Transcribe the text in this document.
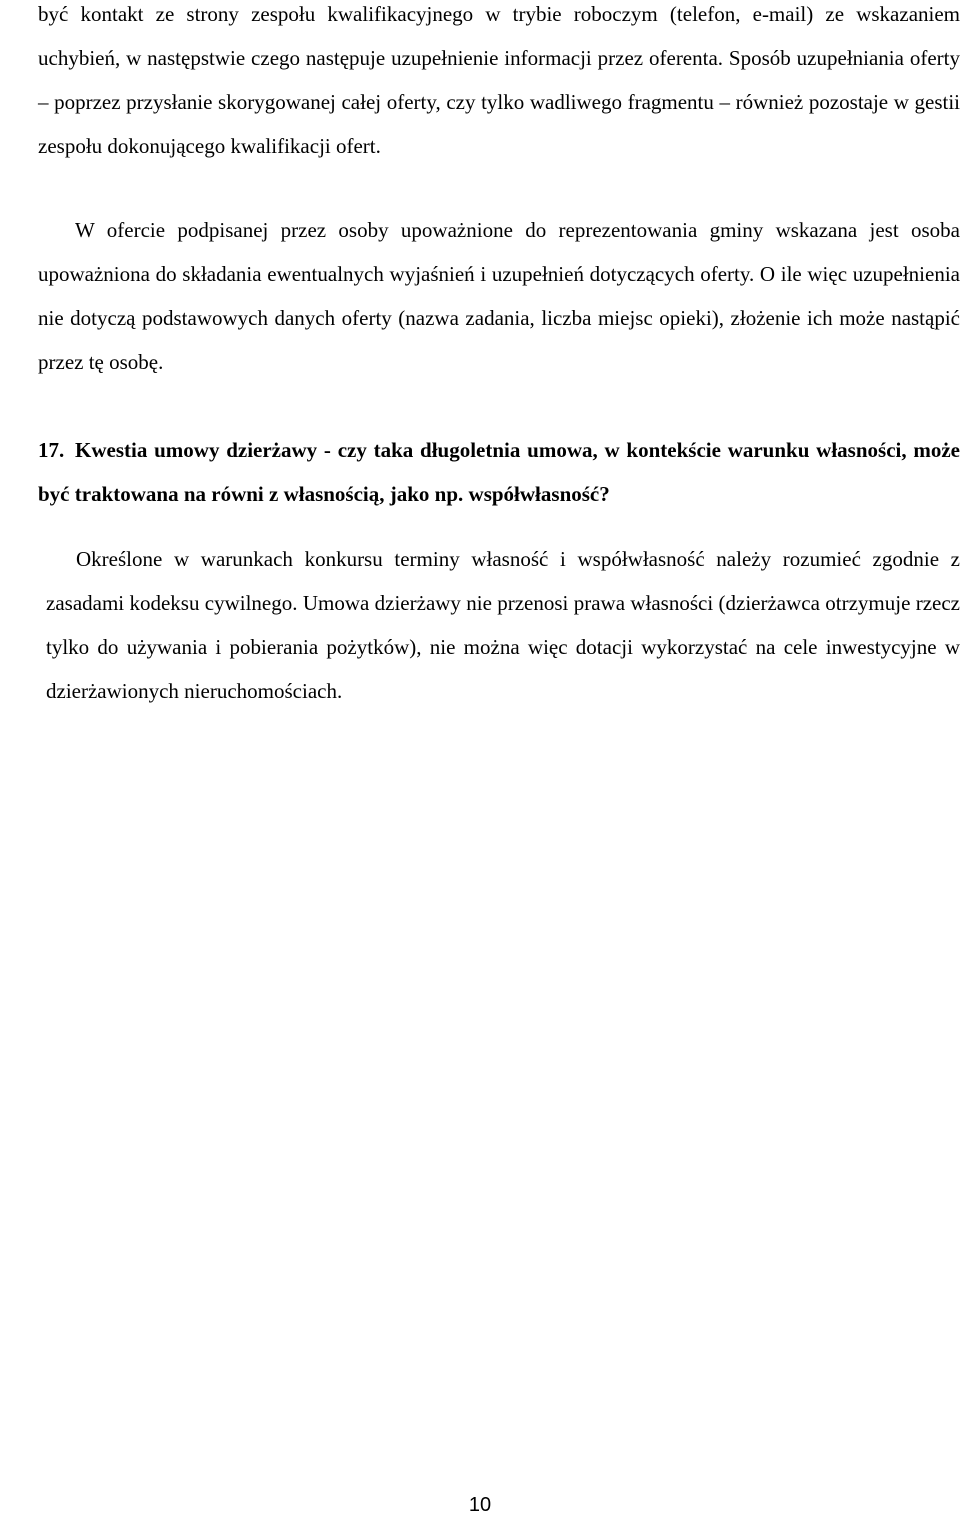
być kontakt ze strony zespołu kwalifikacyjnego w trybie roboczym (telefon, e-mail) ze wskazaniem uchybień, w następstwie czego następuje uzupełnienie informacji przez oferenta. Sposób uzupełniania oferty – poprzez przysłanie skorygowanej całej oferty, czy tylko wadliwego fragmentu – również pozostaje w gestii zespołu dokonującego kwalifikacji ofert.

W ofercie podpisanej przez osoby upoważnione do reprezentowania gminy wskazana jest osoba upoważniona do składania ewentualnych wyjaśnień i uzupełnień dotyczących oferty. O ile więc uzupełnienia nie dotyczą podstawowych danych oferty (nazwa zadania, liczba miejsc opieki), złożenie ich może nastąpić przez tę osobę.

17. Kwestia umowy dzierżawy - czy taka długoletnia umowa, w kontekście warunku własności, może być traktowana na równi z własnością, jako np. współwłasność?

Określone w warunkach konkursu terminy własność i współwłasność należy rozumieć zgodnie z zasadami kodeksu cywilnego. Umowa dzierżawy nie przenosi prawa własności (dzierżawca otrzymuje rzecz tylko do używania i pobierania pożytków), nie można więc dotacji wykorzystać na cele inwestycyjne w dzierżawionych nieruchomościach.

10
